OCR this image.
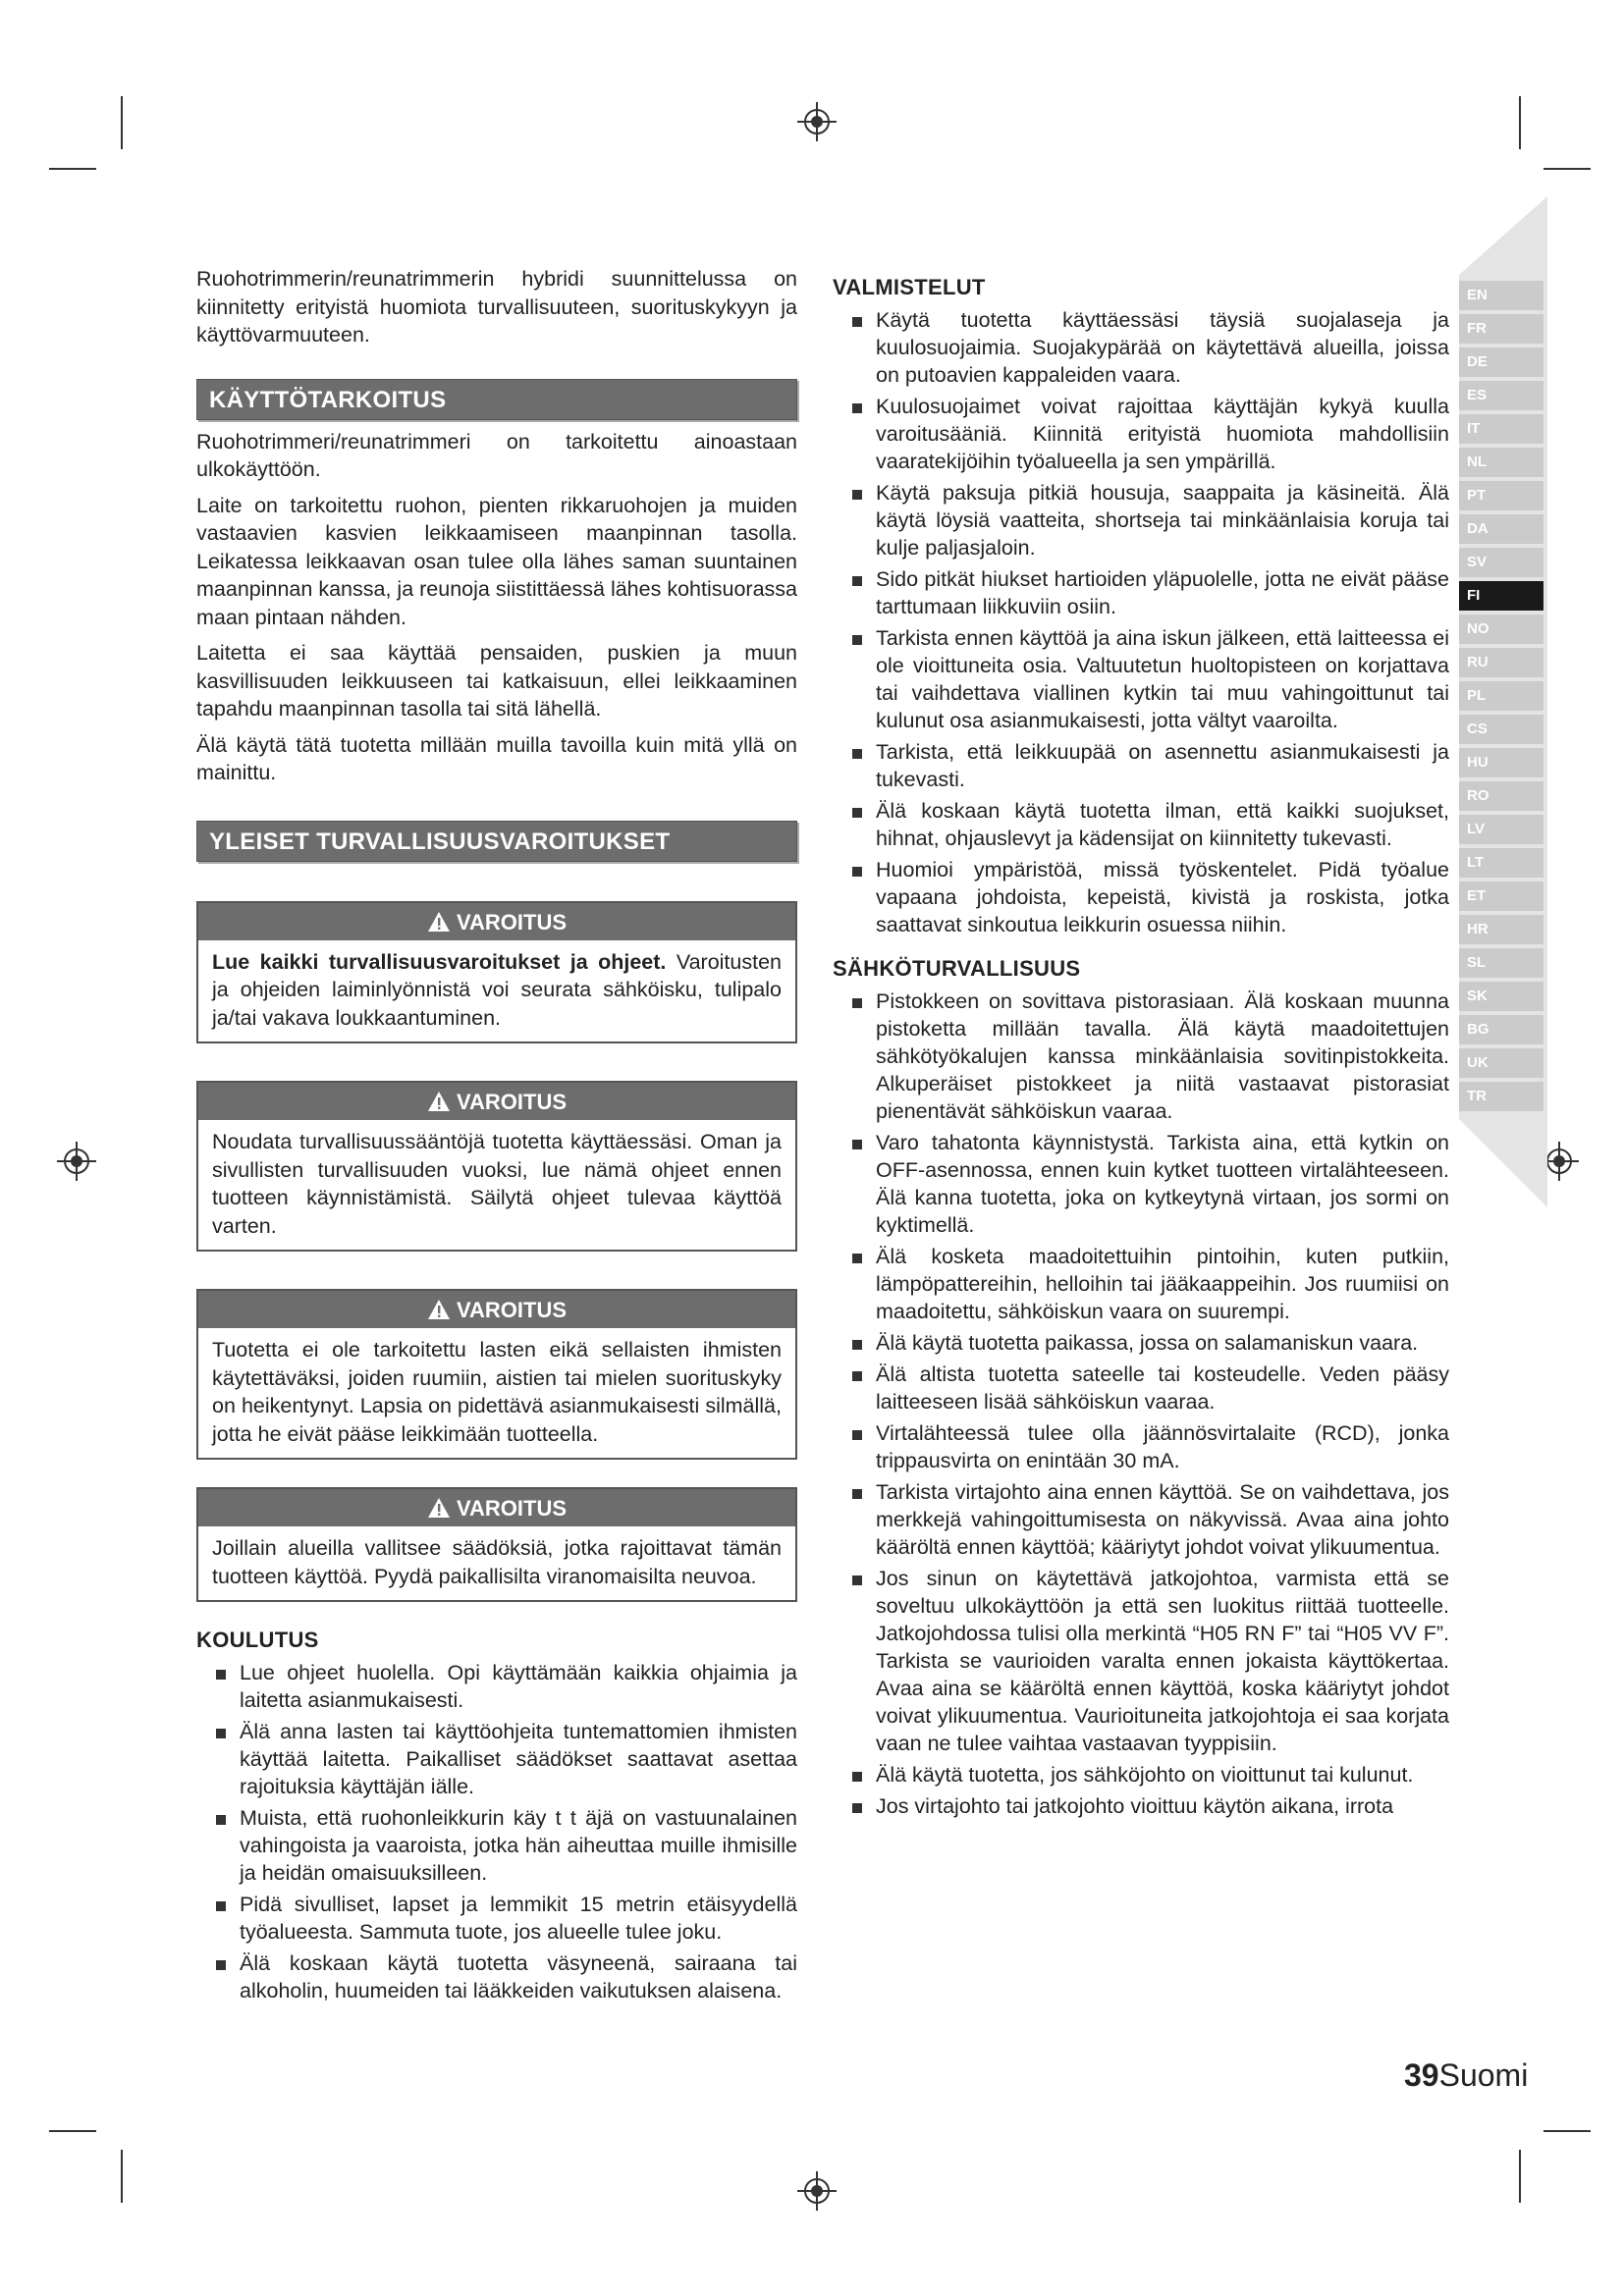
EN
FR
DE
ES
IT
NL
PT
DA
SV
FI
NO
RU
PL
CS
HU
RO
LV
LT
ET
HR
SL
SK
BG
UK
TR

Ruohotrimmerin/reunatrimmerin hybridi suunnittelussa on kiinnitetty erityistä huomiota turvallisuuteen, suorituskykyyn ja käyttövarmuuteen.

KÄYTTÖTARKOITUS

Ruohotrimmeri/reunatrimmeri on tarkoitettu ainoastaan ulkokäyttöön.

Laite on tarkoitettu ruohon, pienten rikkaruohojen ja muiden vastaavien kasvien leikkaamiseen maanpinnan tasolla. Leikatessa leikkaavan osan tulee olla lähes saman suuntainen maanpinnan kanssa, ja reunoja siistittäessä lähes kohtisuorassa maan pintaan nähden.

Laitetta ei saa käyttää pensaiden, puskien ja muun kasvillisuuden leikkuuseen tai katkaisuun, ellei leikkaaminen tapahdu maanpinnan tasolla tai sitä lähellä.

Älä käytä tätä tuotetta millään muilla tavoilla kuin mitä yllä on mainittu.

YLEISET TURVALLISUUSVAROITUKSET
VAROITUS
Lue kaikki turvallisuusvaroitukset ja ohjeet. Varoitusten ja ohjeiden laiminlyönnistä voi seurata sähköisku, tulipalo ja/tai vakava loukkaantuminen.
VAROITUS
Noudata turvallisuussääntöjä tuotetta käyttäessäsi. Oman ja sivullisten turvallisuuden vuoksi, lue nämä ohjeet ennen tuotteen käynnistämistä. Säilytä ohjeet tulevaa käyttöä varten.
VAROITUS
Tuotetta ei ole tarkoitettu lasten eikä sellaisten ihmisten käytettäväksi, joiden ruumiin, aistien tai mielen suorituskyky on heikentynyt. Lapsia on pidettävä asianmukaisesti silmällä, jotta he eivät pääse leikkimään tuotteella.
VAROITUS
Joillain alueilla vallitsee säädöksiä, jotka rajoittavat tämän tuotteen käyttöä. Pyydä paikallisilta viranomaisilta neuvoa.
KOULUTUS
Lue ohjeet huolella. Opi käyttämään kaikkia ohjaimia ja laitetta asianmukaisesti.
Älä anna lasten tai käyttöohjeita tuntemattomien ihmisten käyttää laitetta. Paikalliset säädökset saattavat asettaa rajoituksia käyttäjän iälle.
Muista, että ruohonleikkurin käy t t äjä on vastuunalainen vahingoista ja vaaroista, jotka hän aiheuttaa muille ihmisille ja heidän omaisuuksilleen.
Pidä sivulliset, lapset ja lemmikit 15 metrin etäisyydellä työalueesta. Sammuta tuote, jos alueelle tulee joku.
Älä koskaan käytä tuotetta väsyneenä, sairaana tai alkoholin, huumeiden tai lääkkeiden vaikutuksen alaisena.
VALMISTELUT
Käytä tuotetta käyttäessäsi täysiä suojalaseja ja kuulosuojaimia. Suojakypärää on käytettävä alueilla, joissa on putoavien kappaleiden vaara.
Kuulosuojaimet voivat rajoittaa käyttäjän kykyä kuulla varoitusääniä. Kiinnitä erityistä huomiota mahdollisiin vaaratekijöihin työalueella ja sen ympärillä.
Käytä paksuja pitkiä housuja, saappaita ja käsineitä. Älä käytä löysiä vaatteita, shortseja tai minkäänlaisia koruja tai kulje paljasjaloin.
Sido pitkät hiukset hartioiden yläpuolelle, jotta ne eivät pääse tarttumaan liikkuviin osiin.
Tarkista ennen käyttöä ja aina iskun jälkeen, että laitteessa ei ole vioittuneita osia. Valtuutetun huoltopisteen on korjattava tai vaihdettava viallinen kytkin tai muu vahingoittunut tai kulunut osa asianmukaisesti, jotta vältyt vaaroilta.
Tarkista, että leikkuupää on asennettu asianmukaisesti ja tukevasti.
Älä koskaan käytä tuotetta ilman, että kaikki suojukset, hihnat, ohjauslevyt ja kädensijat on kiinnitetty tukevasti.
Huomioi ympäristöä, missä työskentelet. Pidä työalue vapaana johdoista, kepeistä, kivistä ja roskista, jotka saattavat sinkoutua leikkurin osuessa niihin.
SÄHKÖTURVALLISUUS
Pistokkeen on sovittava pistorasiaan. Älä koskaan muunna pistoketta millään tavalla. Älä käytä maadoitettujen sähkötyökalujen kanssa minkäänlaisia sovitinpistokkeita. Alkuperäiset pistokkeet ja niitä vastaavat pistorasiat pienentävät sähköiskun vaaraa.
Varo tahatonta käynnistystä. Tarkista aina, että kytkin on OFF-asennossa, ennen kuin kytket tuotteen virtalähteeseen. Älä kanna tuotetta, joka on kytkeytynä virtaan, jos sormi on kyktimellä.
Älä kosketa maadoitettuihin pintoihin, kuten putkiin, lämpöpattereihin, helloihin tai jääkaappeihin. Jos ruumiisi on maadoitettu, sähköiskun vaara on suurempi.
Älä käytä tuotetta paikassa, jossa on salamaniskun vaara.
Älä altista tuotetta sateelle tai kosteudelle. Veden pääsy laitteeseen lisää sähköiskun vaaraa.
Virtalähteessä tulee olla jäännösvirtalaite (RCD), jonka trippausvirta on enintään 30 mA.
Tarkista virtajohto aina ennen käyttöä. Se on vaihdettava, jos merkkejä vahingoittumisesta on näkyvissä. Avaa aina johto kääröltä ennen käyttöä; kääriytyt johdot voivat ylikuumentua.
Jos sinun on käytettävä jatkojohtoa, varmista että se soveltuu ulkokäyttöön ja että sen luokitus riittää tuotteelle. Jatkojohdossa tulisi olla merkintä “H05 RN F” tai “H05 VV F”. Tarkista se vaurioiden varalta ennen jokaista käyttökertaa. Avaa aina se kääröltä ennen käyttöä, koska kääriytyt johdot voivat ylikuumentua. Vaurioituneita jatkojohtoja ei saa korjata vaan ne tulee vaihtaa vastaavan tyyppisiin.
Älä käytä tuotetta, jos sähköjohto on vioittunut tai kulunut.
Jos virtajohto tai jatkojohto vioittuu käytön aikana, irrota
39Suomi
